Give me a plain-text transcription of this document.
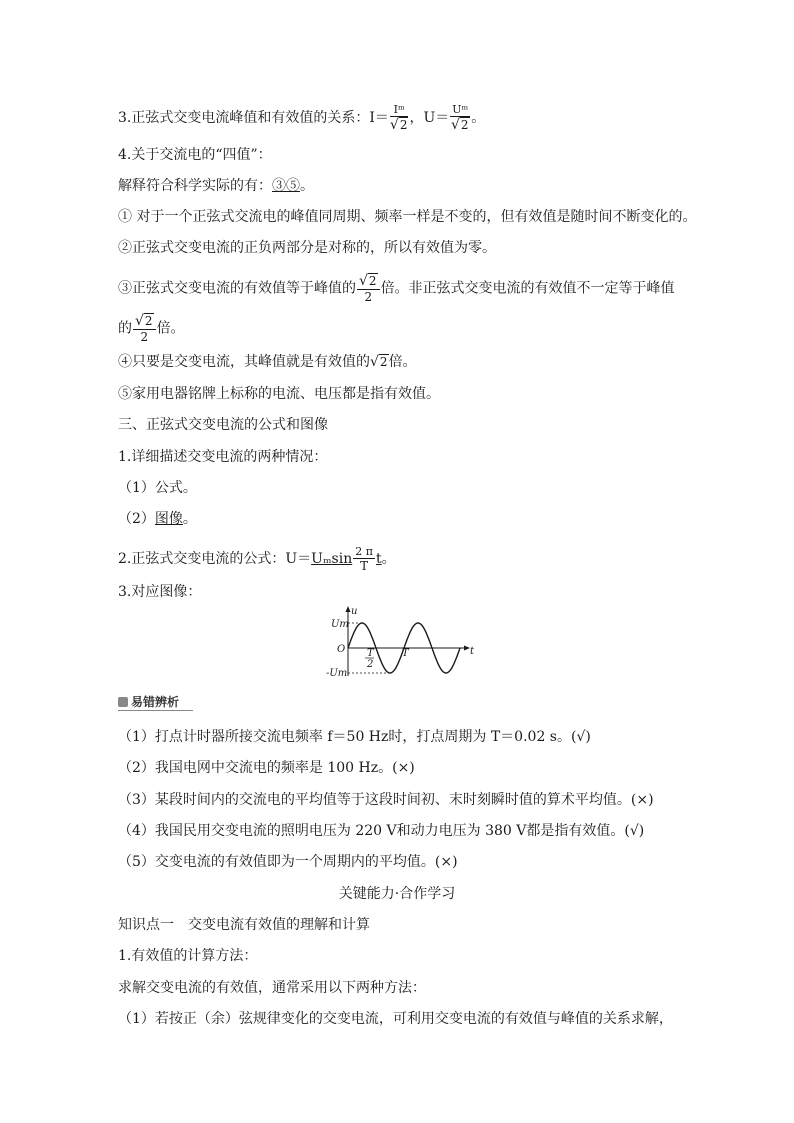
3.正弦式交变电流峰值和有效值的关系：$I= \frac{\text{Iᵐ}}{√2}$ ，$U= \frac{\text{Uᵐ}}{√2}$ 。
4.关于交流电的“四值”：
解释符合科学实际的有：③⑤。
① 对于一个正弦式交流电的峰值同周期、频率一样是不变的，但有效值是随时间不断变化的。
②正弦式交变电流的正负两部分是对称的，所以有效值为零。
③正弦式交变电流的有效值等于峰值的 $\frac{√2}{2}$ 倍。非正弦式交变电流的有效值不一定等于峰值
的 $\frac{√2}{2}$ 倍。
④只要是交变电流，其峰值就是有效值的√2倍。
⑤家用电器铭牌上标称的电流、电压都是指有效值。
三、正弦式交变电流的公式和图像
1.详细描述交变电流的两种情况：
（1）公式。
（2）图像。
2.正弦式交变电流的公式：$U=U_m\sin \frac{2 \pi}{T}$ t。
3.对应图像：
u
t
Um
O
-Um
T
2
T
易错辨析
（1）打点计时器所接交流电频率 f＝50 Hz时，打点周期为 T＝0.02 s。(√)
（2）我国电网中交流电的频率是 100 Hz。(×)
（3）某段时间内的交流电的平均值等于这段时间初、末时刻瞬时值的算术平均值。(×)
（4）我国民用交变电流的照明电压为 220 V和动力电压为 380 V都是指有效值。(√)
（5）交变电流的有效值即为一个周期内的平均值。(×)
关键能力·合作学习
知识点一　交变电流有效值的理解和计算
1.有效值的计算方法：
求解交变电流的有效值，通常采用以下两种方法：
（1）若按正（余）弦规律变化的交变电流，可利用交变电流的有效值与峰值的关系求解，
